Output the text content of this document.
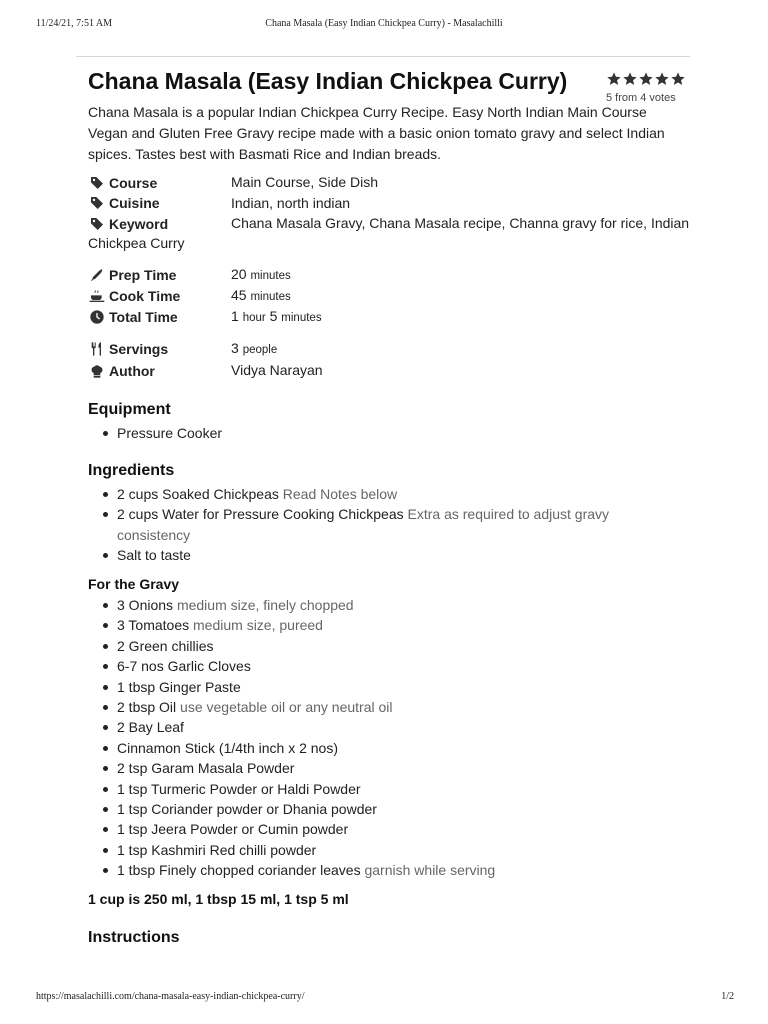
11/24/21, 7:51 AM	Chana Masala (Easy Indian Chickpea Curry) - Masalachilli
Chana Masala (Easy Indian Chickpea Curry)
5 from 4 votes
Chana Masala is a popular Indian Chickpea Curry Recipe. Easy North Indian Main Course Vegan and Gluten Free Gravy recipe made with a basic onion tomato gravy and select Indian spices. Tastes best with Basmati Rice and Indian breads.
Course	Main Course, Side Dish
Cuisine	Indian, north indian
Keyword	Chana Masala Gravy, Chana Masala recipe, Channa gravy for rice, Indian
Chickpea Curry
Prep Time	20 minutes
Cook Time	45 minutes
Total Time	1 hour 5 minutes
Servings	3 people
Author	Vidya Narayan
Equipment
Pressure Cooker
Ingredients
2 cups Soaked Chickpeas Read Notes below
2 cups Water for Pressure Cooking Chickpeas Extra as required to adjust gravy
consistency
Salt to taste
For the Gravy
3 Onions medium size, finely chopped
3 Tomatoes medium size, pureed
2 Green chillies
6-7 nos Garlic Cloves
1 tbsp Ginger Paste
2 tbsp Oil use vegetable oil or any neutral oil
2 Bay Leaf
Cinnamon Stick (1/4th inch x 2 nos)
2 tsp Garam Masala Powder
1 tsp Turmeric Powder or Haldi Powder
1 tsp Coriander powder or Dhania powder
1 tsp Jeera Powder or Cumin powder
1 tsp Kashmiri Red chilli powder
1 tbsp Finely chopped coriander leaves garnish while serving
1 cup is 250 ml, 1 tbsp 15 ml, 1 tsp 5 ml
Instructions
https://masalachilli.com/chana-masala-easy-indian-chickpea-curry/	1/2
